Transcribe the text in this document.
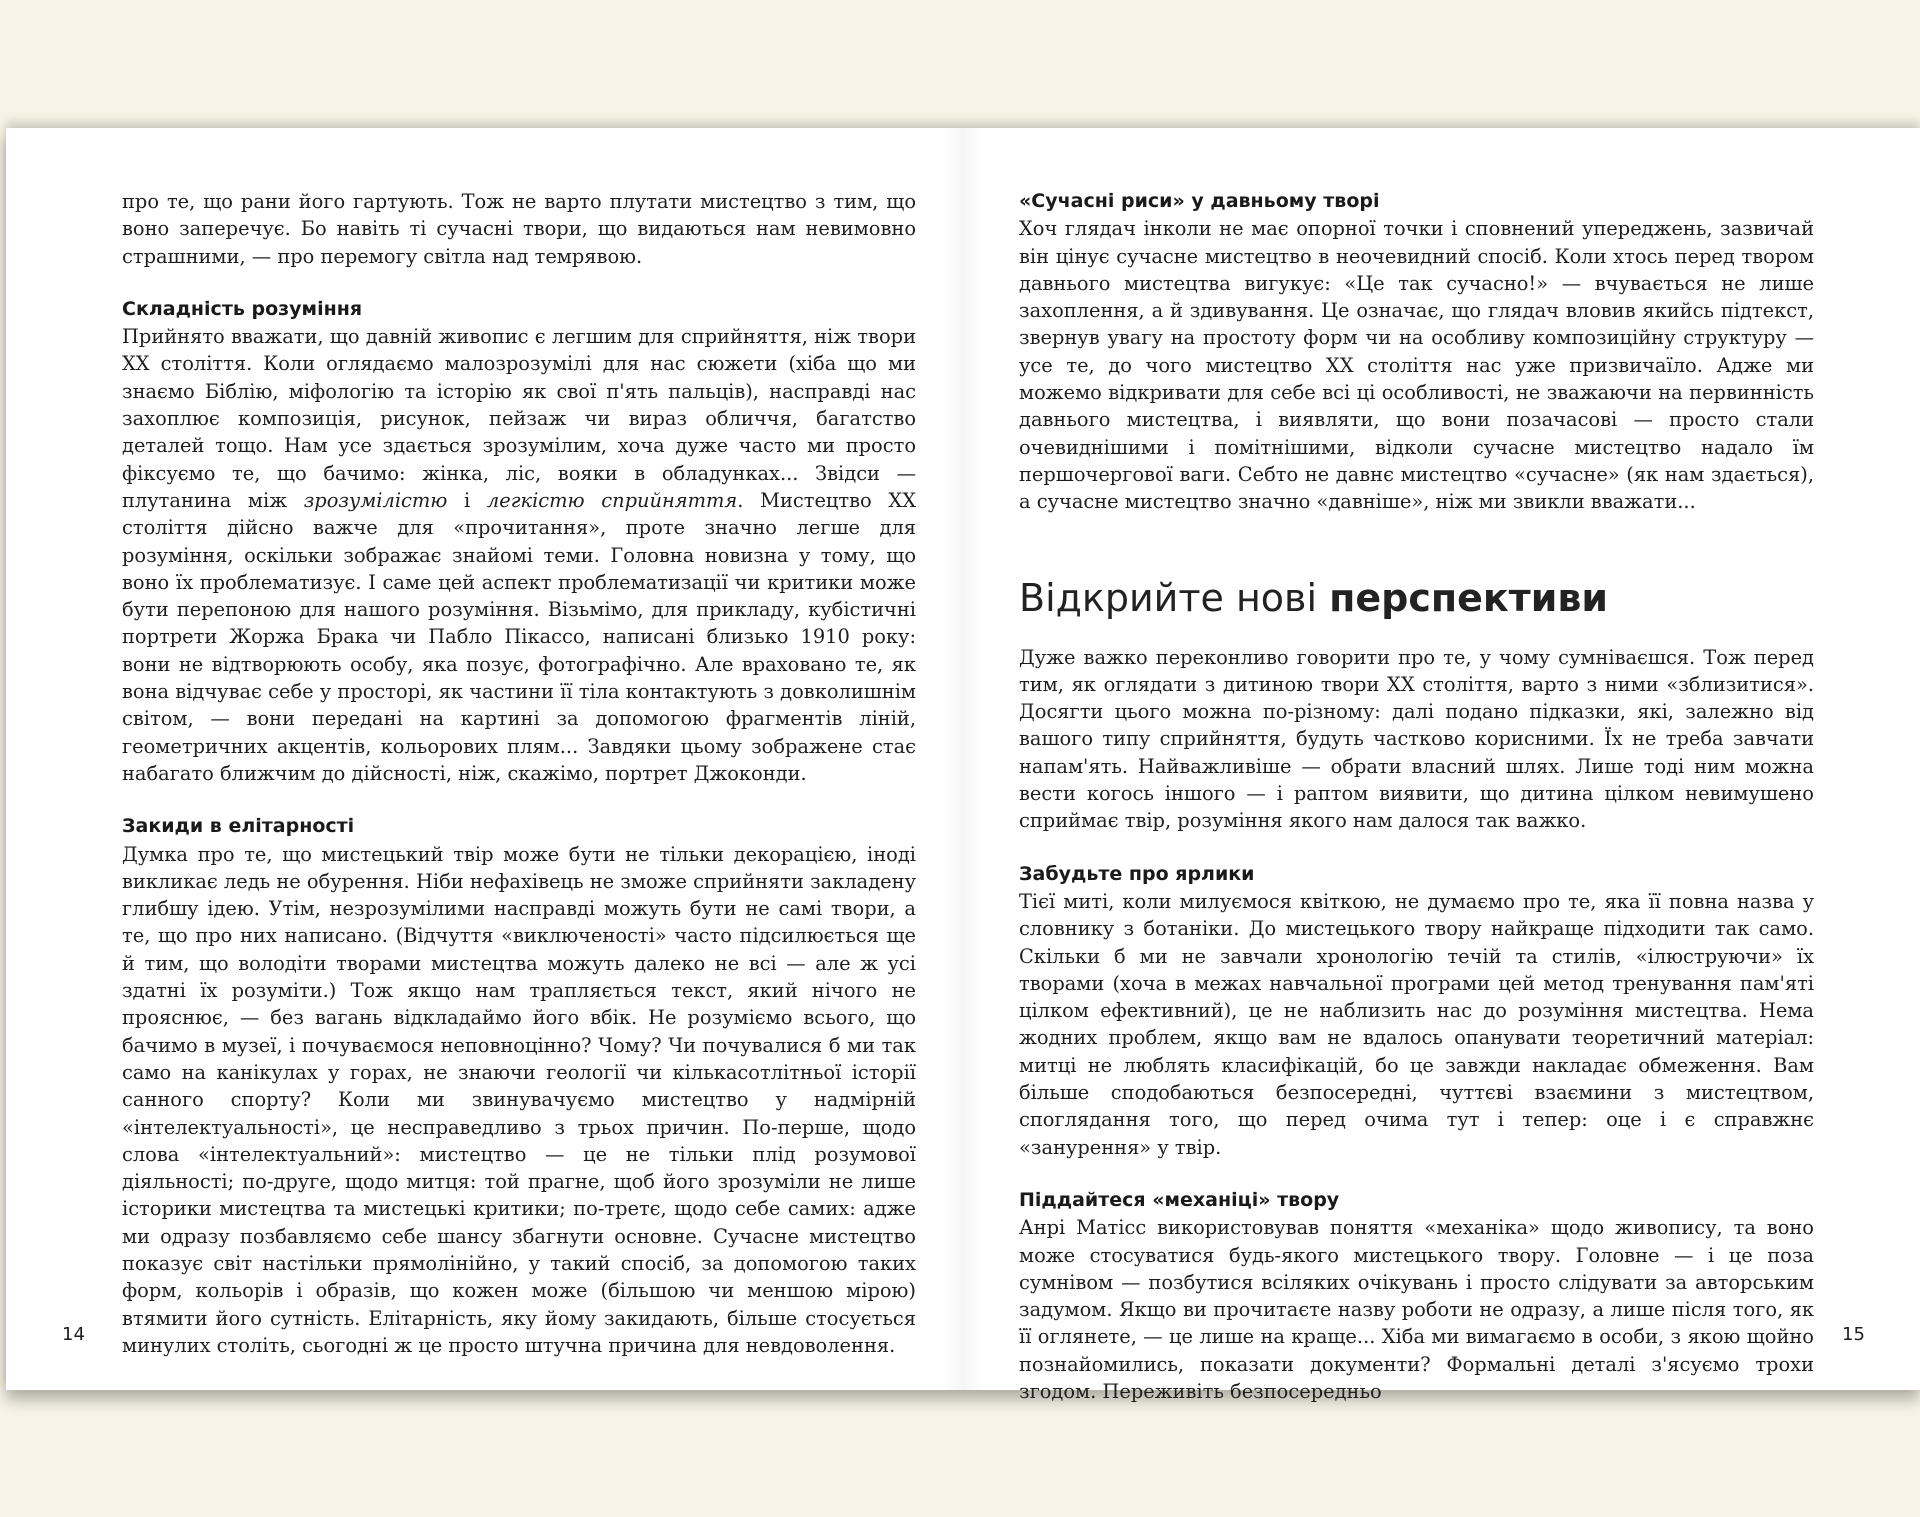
про те, що рани його гартують. Тож не варто плутати мистецтво з тим, що воно заперечує. Бо навіть ті сучасні твори, що видаються нам невимовно страшними, — про перемогу світла над темрявою.

Складність розуміння

Прийнято вважати, що давній живопис є легшим для сприйняття, ніж твори XX століття. Коли оглядаємо малозрозумілі для нас сюжети (хіба що ми знаємо Біблію, міфологію та історію як свої п'ять пальців), насправді нас захоплює композиція, рисунок, пейзаж чи вираз обличчя, багатство деталей тощо. Нам усе здається зрозумілим, хоча дуже часто ми просто фіксуємо те, що бачимо: жінка, ліс, вояки в обладунках... Звідси — плутанина між зрозумілістю і легкістю сприйняття. Мистецтво XX століття дійсно важче для «прочитання», проте значно легше для розуміння, оскільки зображає знайомі теми. Головна новизна у тому, що воно їх проблематизує. І саме цей аспект проблематизації чи критики може бути перепоною для нашого розуміння. Візьмімо, для прикладу, кубістичні портрети Жоржа Брака чи Пабло Пікассо, написані близько 1910 року: вони не відтворюють особу, яка позує, фотографічно. Але враховано те, як вона відчуває себе у просторі, як частини її тіла контактують з довколишнім світом, — вони передані на картині за допомогою фрагментів ліній, геометричних акцентів, кольорових плям... Завдяки цьому зображене стає набагато ближчим до дійсності, ніж, скажімо, портрет Джоконди.

Закиди в елітарності

Думка про те, що мистецький твір може бути не тільки декорацією, іноді викликає ледь не обурення. Ніби нефахівець не зможе сприйняти закладену глибшу ідею. Утім, незрозумілими насправді можуть бути не самі твори, а те, що про них написано. (Відчуття «виключеності» часто підсилюється ще й тим, що володіти творами мистецтва можуть далеко не всі — але ж усі здатні їх розуміти.) Тож якщо нам трапляється текст, який нічого не прояснює, — без вагань відкладаймо його вбік. Не розуміємо всього, що бачимо в музеї, і почуваємося неповноцінно? Чому? Чи почувалися б ми так само на канікулах у горах, не знаючи геології чи кількасотлітньої історії санного спорту? Коли ми звинувачуємо мистецтво у надмірній «інтелектуальності», це несправедливо з трьох причин. По-перше, щодо слова «інтелектуальний»: мистецтво — це не тільки плід розумової діяльності; по-друге, щодо митця: той прагне, щоб його зрозуміли не лише історики мистецтва та мистецькі критики; по-третє, щодо себе самих: адже ми одразу позбавляємо себе шансу збагнути основне. Сучасне мистецтво показує світ настільки прямолінійно, у такий спосіб, за допомогою таких форм, кольорів і образів, що кожен може (більшою чи меншою мірою) втямити його сутність. Елітарність, яку йому закидають, більше стосується минулих століть, сьогодні ж це просто штучна причина для невдоволення.

14
«Сучасні риси» у давньому творі

Хоч глядач інколи не має опорної точки і сповнений упереджень, зазвичай він цінує сучасне мистецтво в неочевидний спосіб. Коли хтось перед твором давнього мистецтва вигукує: «Це так сучасно!» — вчувається не лише захоплення, а й здивування. Це означає, що глядач вловив якийсь підтекст, звернув увагу на простоту форм чи на особливу композиційну структуру — усе те, до чого мистецтво XX століття нас уже призвичаїло. Адже ми можемо відкривати для себе всі ці особливості, не зважаючи на первинність давнього мистецтва, і виявляти, що вони позачасові — просто стали очевиднішими і помітнішими, відколи сучасне мистецтво надало їм першочергової ваги. Себто не давнє мистецтво «сучасне» (як нам здається), а сучасне мистецтво значно «давніше», ніж ми звикли вважати...

Відкрийте нові перспективи

Дуже важко переконливо говорити про те, у чому сумніваєшся. Тож перед тим, як оглядати з дитиною твори XX століття, варто з ними «зблизитися». Досягти цього можна по-різному: далі подано підказки, які, залежно від вашого типу сприйняття, будуть частково корисними. Їх не треба завчати напам'ять. Найважливіше — обрати власний шлях. Лише тоді ним можна вести когось іншого — і раптом виявити, що дитина цілком невимушено сприймає твір, розуміння якого нам далося так важко.

Забудьте про ярлики

Тієї миті, коли милуємося квіткою, не думаємо про те, яка її повна назва у словнику з ботаніки. До мистецького твору найкраще підходити так само. Скільки б ми не завчали хронологію течій та стилів, «ілюструючи» їх творами (хоча в межах навчальної програми цей метод тренування пам'яті цілком ефективний), це не наблизить нас до розуміння мистецтва. Нема жодних проблем, якщо вам не вдалось опанувати теоретичний матеріал: митці не люблять класифікацій, бо це завжди накладає обмеження. Вам більше сподобаються безпосередні, чуттєві взаємини з мистецтвом, споглядання того, що перед очима тут і тепер: оце і є справжнє «занурення» у твір.

Піддайтеся «механіці» твору

Анрі Матісс використовував поняття «механіка» щодо живопису, та воно може стосуватися будь-якого мистецького твору. Головне — і це поза сумнівом — позбутися всіляких очікувань і просто слідувати за авторським задумом. Якщо ви прочитаєте назву роботи не одразу, а лише після того, як її оглянете, — це лише на краще... Хіба ми вимагаємо в особи, з якою щойно познайомились, показати документи? Формальні деталі з'ясуємо трохи згодом. Переживіть безпосередньо

15
